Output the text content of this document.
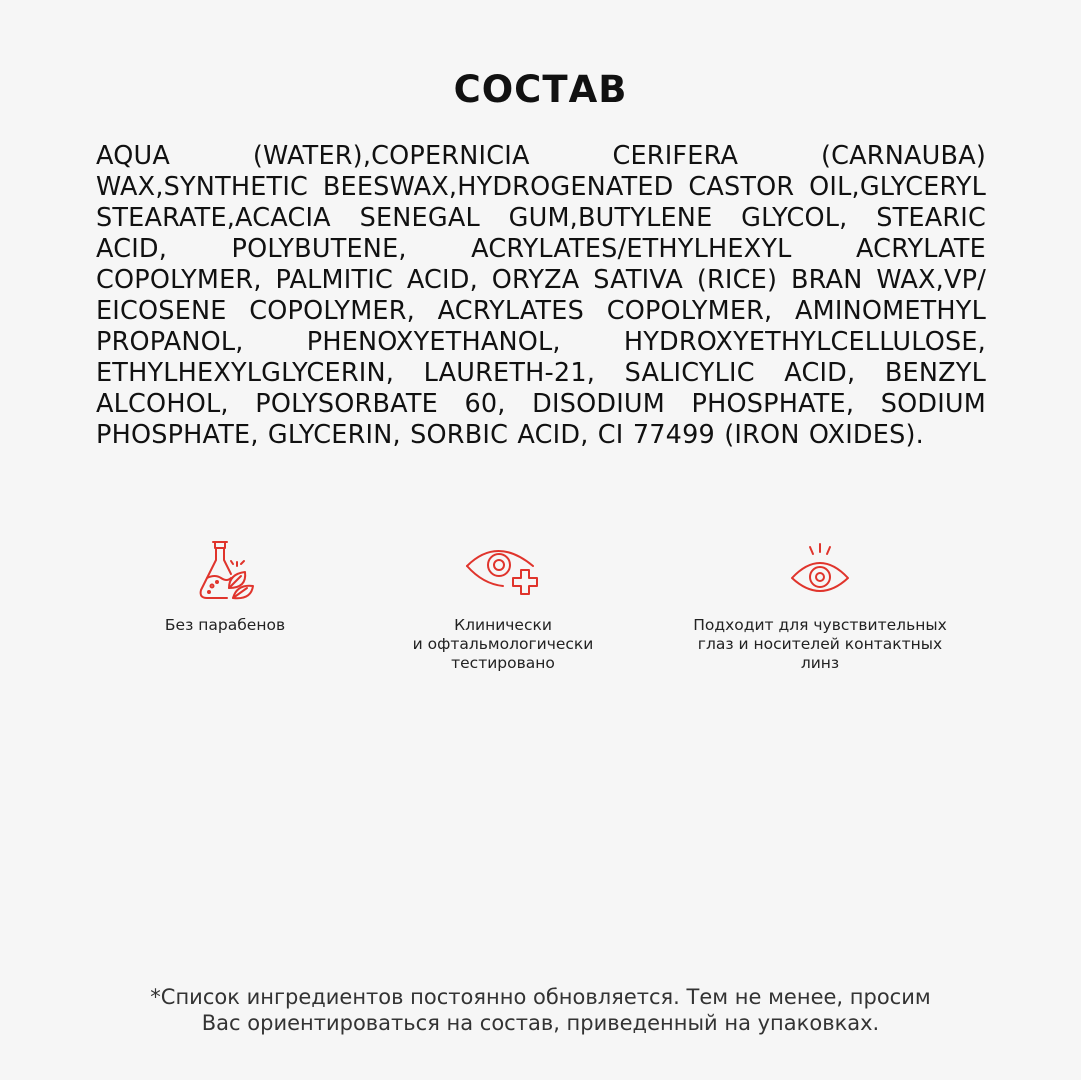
СОСТАВ

AQUA (WATER),COPERNICIA CERIFERA (CARNAUBA) WAX,SYNTHETIC BEESWAX,HYDROGENATED CASTOR OIL,GLYCERYL STEARATE,ACACIA SENEGAL GUM,BUTYLENE GLYCOL, STEARIC ACID, POLYBUTENE, ACRYLATES/ETHYLHEXYL ACRYLATE COPOLYMER, PALMITIC ACID, ORYZA SATIVA (RICE) BRAN WAX,VP/ EICOSENE COPOLYMER, ACRYLATES COPOLYMER, AMINOMETHYL PROPANOL, PHENOXYETHANOL, HYDROXYETHYLCELLULOSE, ETHYLHEXYLGLYCERIN, LAURETH-21, SALICYLIC ACID, BENZYL ALCOHOL, POLYSORBATE 60, DISODIUM PHOSPHATE, SODIUM PHOSPHATE, GLYCERIN, SORBIC ACID, CI 77499 (IRON OXIDES).

Без парабенов	Клинически
и офтальмологически
тестировано
Подходит для чувствительных
глаз и носителей контактных
линз
*Список ингредиентов постоянно обновляется. Тем не менее, просим
Вас ориентироваться на состав, приведенный на упаковках.
